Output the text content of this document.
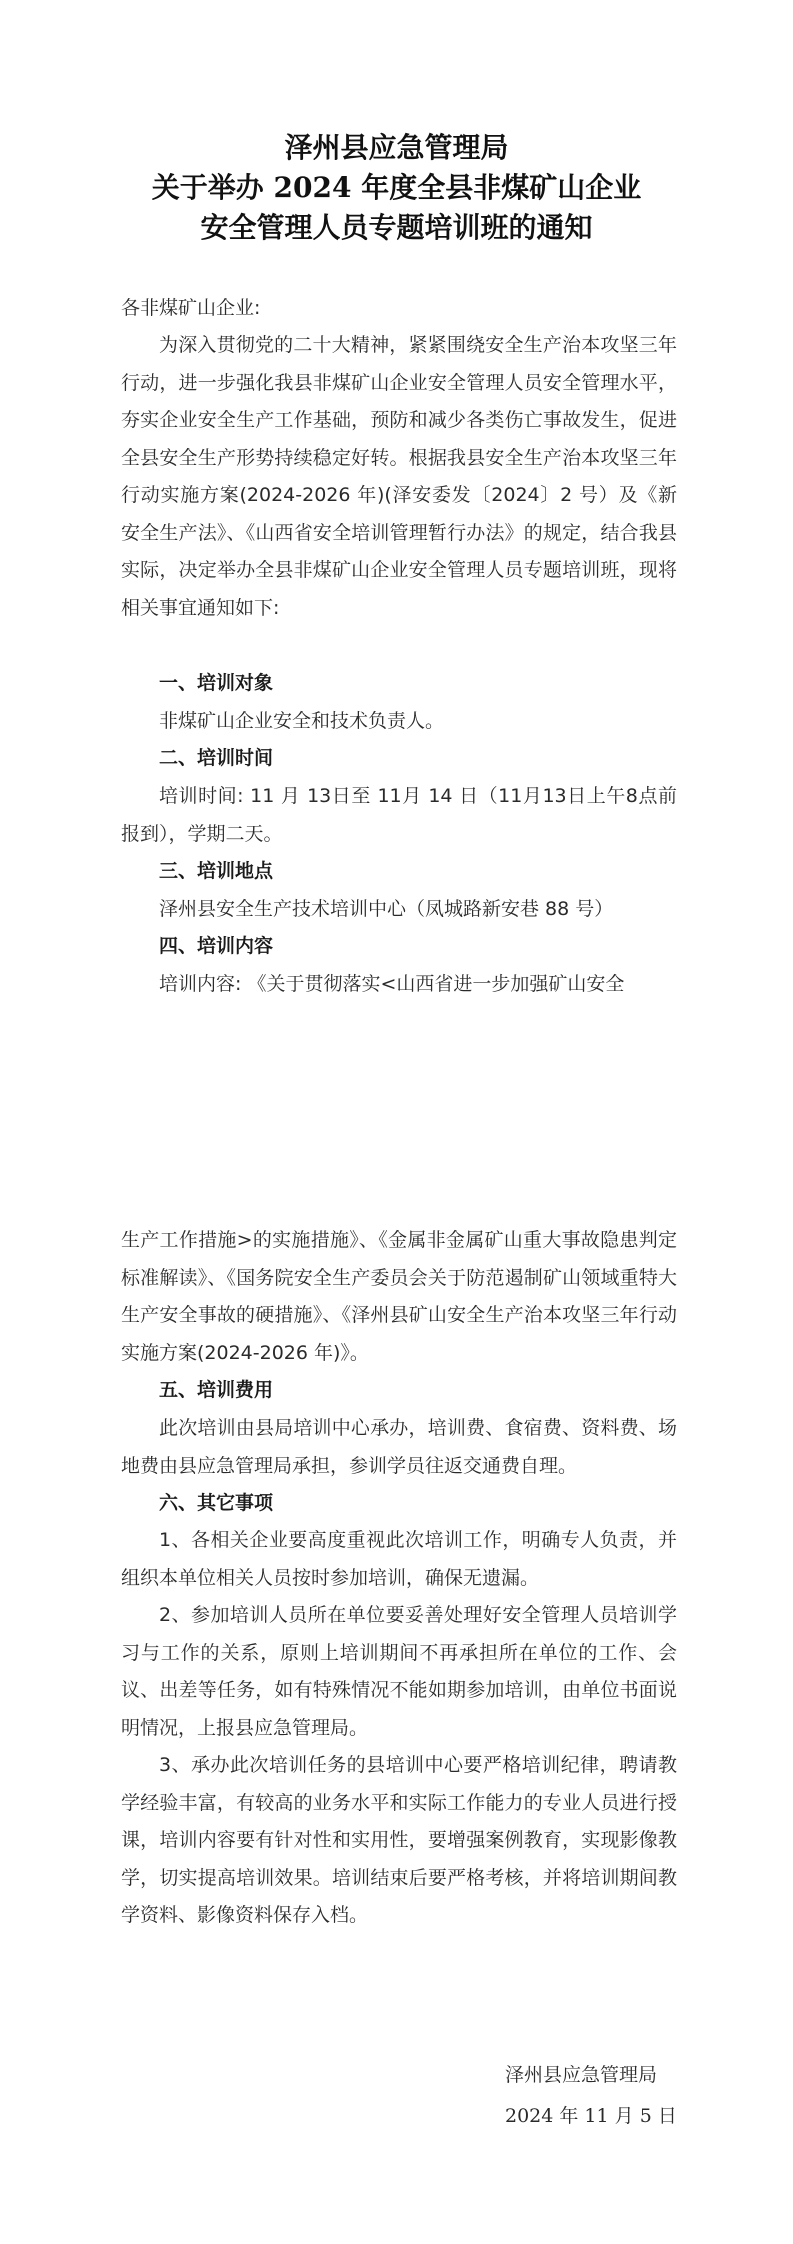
泽州县应急管理局
关于举办 2024 年度全县非煤矿山企业
安全管理人员专题培训班的通知
各非煤矿山企业:

为深入贯彻党的二十大精神，紧紧围绕安全生产治本攻坚三年行动，进一步强化我县非煤矿山企业安全管理人员安全管理水平，夯实企业安全生产工作基础，预防和减少各类伤亡事故发生，促进全县安全生产形势持续稳定好转。根据我县安全生产治本攻坚三年行动实施方案(2024-2026 年)(泽安委发〔2024〕2 号）及《新安全生产法》、《山西省安全培训管理暂行办法》的规定，结合我县实际，决定举办全县非煤矿山企业安全管理人员专题培训班，现将相关事宜通知如下:

一、培训对象
非煤矿山企业安全和技术负责人。
二、培训时间

培训时间: 11 月 13日至 11月 14 日（11月13日上午8点前报到），学期二天。

三、培训地点
泽州县安全生产技术培训中心（凤城路新安巷 88 号）
四、培训内容
培训内容: 《关于贯彻落实<山西省进一步加强矿山安全

生产工作措施>的实施措施》、《金属非金属矿山重大事故隐患判定标准解读》、《国务院安全生产委员会关于防范遏制矿山领域重特大生产安全事故的硬措施》、《泽州县矿山安全生产治本攻坚三年行动实施方案(2024-2026 年)》。

五、培训费用

此次培训由县局培训中心承办，培训费、食宿费、资料费、场地费由县应急管理局承担，参训学员往返交通费自理。

六、其它事项

1、各相关企业要高度重视此次培训工作，明确专人负责，并组织本单位相关人员按时参加培训，确保无遗漏。

2、参加培训人员所在单位要妥善处理好安全管理人员培训学习与工作的关系，原则上培训期间不再承担所在单位的工作、会议、出差等任务，如有特殊情况不能如期参加培训，由单位书面说明情况，上报县应急管理局。

3、承办此次培训任务的县培训中心要严格培训纪律，聘请教学经验丰富，有较高的业务水平和实际工作能力的专业人员进行授课，培训内容要有针对性和实用性，要增强案例教育，实现影像教学，切实提高培训效果。培训结束后要严格考核，并将培训期间教学资料、影像资料保存入档。

泽州县应急管理局
2024 年 11 月 5 日
